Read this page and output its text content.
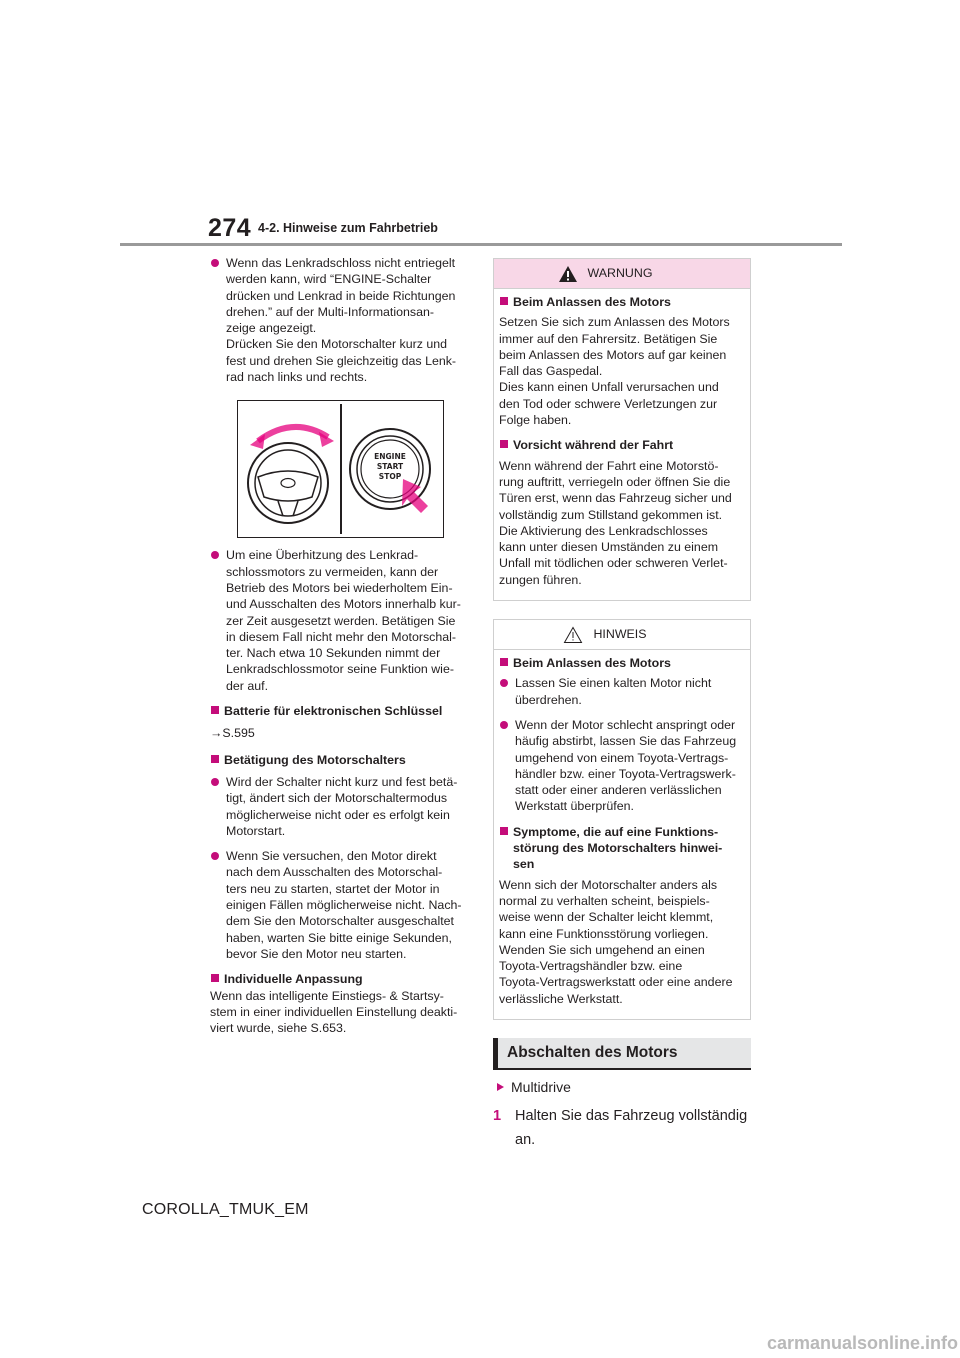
274 4-2. Hinweise zum Fahrbetrieb
Wenn das Lenkradschloss nicht entriegelt
werden kann, wird “ENGINE-Schalter
drücken und Lenkrad in beide Richtungen
drehen.” auf der Multi-Informationsan-
zeige angezeigt.
Drücken Sie den Motorschalter kurz und
fest und drehen Sie gleichzeitig das Lenk-
rad nach links und rechts.
ENGINE
START
STOP
Um eine Überhitzung des Lenkrad-
schlossmotors zu vermeiden, kann der
Betrieb des Motors bei wiederholtem Ein-
und Ausschalten des Motors innerhalb kur-
zer Zeit ausgesetzt werden. Betätigen Sie
in diesem Fall nicht mehr den Motorschal-
ter. Nach etwa 10 Sekunden nimmt der
Lenkradschlossmotor seine Funktion wie-
der auf.
Batterie für elektronischen Schlüssel
→S.595
Betätigung des Motorschalters
Wird der Schalter nicht kurz und fest betä-
tigt, ändert sich der Motorschaltermodus
möglicherweise nicht oder es erfolgt kein
Motorstart.
Wenn Sie versuchen, den Motor direkt
nach dem Ausschalten des Motorschal-
ters neu zu starten, startet der Motor in
einigen Fällen möglicherweise nicht. Nach-
dem Sie den Motorschalter ausgeschaltet
haben, warten Sie bitte einige Sekunden,
bevor Sie den Motor neu starten.
Individuelle Anpassung
Wenn das intelligente Einstiegs- & Startsy-
stem in einer individuellen Einstellung deakti-
viert wurde, siehe S.653.
WARNUNG
Beim Anlassen des Motors
Setzen Sie sich zum Anlassen des Motors
immer auf den Fahrersitz. Betätigen Sie
beim Anlassen des Motors auf gar keinen
Fall das Gaspedal.
Dies kann einen Unfall verursachen und
den Tod oder schwere Verletzungen zur
Folge haben.
Vorsicht während der Fahrt
Wenn während der Fahrt eine Motorstö-
rung auftritt, verriegeln oder öffnen Sie die
Türen erst, wenn das Fahrzeug sicher und
vollständig zum Stillstand gekommen ist.
Die Aktivierung des Lenkradschlosses
kann unter diesen Umständen zu einem
Unfall mit tödlichen oder schweren Verlet-
zungen führen.
HINWEIS
Beim Anlassen des Motors
Lassen Sie einen kalten Motor nicht
überdrehen.
Wenn der Motor schlecht anspringt oder
häufig abstirbt, lassen Sie das Fahrzeug
umgehend von einem Toyota-Vertrags-
händler bzw. einer Toyota-Vertragswerk-
statt oder einer anderen verlässlichen
Werkstatt überprüfen.
Symptome, die auf eine Funktions-
störung des Motorschalters hinwei-
sen
Wenn sich der Motorschalter anders als
normal zu verhalten scheint, beispiels-
weise wenn der Schalter leicht klemmt,
kann eine Funktionsstörung vorliegen.
Wenden Sie sich umgehend an einen
Toyota-Vertragshändler bzw. eine
Toyota-Vertragswerkstatt oder eine andere
verlässliche Werkstatt.
Abschalten des Motors
Multidrive
1 Halten Sie das Fahrzeug vollständig an.
COROLLA_TMUK_EM
carmanualsonline.info
